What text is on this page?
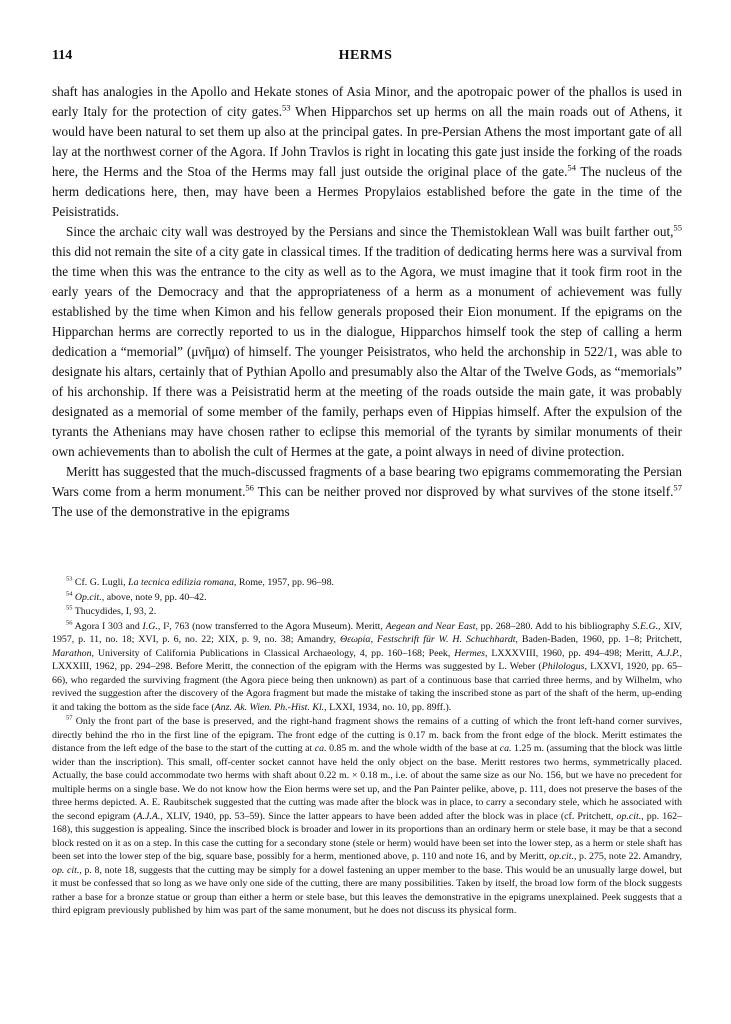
114	HERMS

shaft has analogies in the Apollo and Hekate stones of Asia Minor, and the apotropaic power of the phallos is used in early Italy for the protection of city gates.$^{53}$ When Hipparchos set up herms on all the main roads out of Athens, it would have been natural to set them up also at the principal gates. In pre-Persian Athens the most important gate of all lay at the northwest corner of the Agora. If John Travlos is right in locating this gate just inside the forking of the roads here, the Herms and the Stoa of the Herms may fall just outside the original place of the gate.$^{54}$ The nucleus of the herm dedications here, then, may have been a Hermes Propylaios established before the gate in the time of the Peisistratids.

Since the archaic city wall was destroyed by the Persians and since the Themistoklean Wall was built farther out,$^{55}$ this did not remain the site of a city gate in classical times. If the tradition of dedicating herms here was a survival from the time when this was the entrance to the city as well as to the Agora, we must imagine that it took firm root in the early years of the Democracy and that the appropriateness of a herm as a monument of achievement was fully established by the time when Kimon and his fellow generals proposed their Eion monument. If the epigrams on the Hipparchan herms are correctly reported to us in the dialogue, Hipparchos himself took the step of calling a herm dedication a “memorial” (μνῆμα) of himself. The younger Peisistratos, who held the archonship in 522/1, was able to designate his altars, certainly that of Pythian Apollo and presumably also the Altar of the Twelve Gods, as “memorials” of his archonship. If there was a Peisistratid herm at the meeting of the roads outside the main gate, it was probably designated as a memorial of some member of the family, perhaps even of Hippias himself. After the expulsion of the tyrants the Athenians may have chosen rather to eclipse this memorial of the tyrants by similar monuments of their own achievements than to abolish the cult of Hermes at the gate, a point always in need of divine protection.

Meritt has suggested that the much-discussed fragments of a base bearing two epigrams commemorating the Persian Wars come from a herm monument.$^{56}$ This can be neither proved nor disproved by what survives of the stone itself.$^{57}$ The use of the demonstrative in the epigrams

$^{53}$ Cf. G. Lugli, La tecnica edilizia romana, Rome, 1957, pp. 96–98.

$^{54}$ Op.cit., above, note 9, pp. 40–42.

$^{55}$ Thucydides, I, 93, 2.

$^{56}$ Agora I 303 and I.G., I², 763 (now transferred to the Agora Museum). Meritt, Aegean and Near East, pp. 268–280. Add to his bibliography S.E.G., XIV, 1957, p. 11, no. 18; XVI, p. 6, no. 22; XIX, p. 9, no. 38; Amandry, Θεωρία, Festschrift für W. H. Schuchhardt, Baden-Baden, 1960, pp. 1–8; Pritchett, Marathon, University of California Publications in Classical Archaeology, 4, pp. 160–168; Peek, Hermes, LXXXVIII, 1960, pp. 494–498; Meritt, A.J.P., LXXXIII, 1962, pp. 294–298. Before Meritt, the connection of the epigram with the Herms was suggested by L. Weber (Philologus, LXXVI, 1920, pp. 65–66), who regarded the surviving fragment (the Agora piece being then unknown) as part of a continuous base that carried three herms, and by Wilhelm, who revived the suggestion after the discovery of the Agora fragment but made the mistake of taking the inscribed stone as part of the shaft of the herm, up-ending it and taking the bottom as the side face (Anz. Ak. Wien. Ph.-Hist. Kl., LXXI, 1934, no. 10, pp. 89ff.).

$^{57}$ Only the front part of the base is preserved, and the right-hand fragment shows the remains of a cutting of which the front left-hand corner survives, directly behind the rho in the first line of the epigram. The front edge of the cutting is 0.17 m. back from the front edge of the block. Meritt estimates the distance from the left edge of the base to the start of the cutting at ca. 0.85 m. and the whole width of the base at ca. 1.25 m. (assuming that the block was little wider than the inscription). This small, off-center socket cannot have held the only object on the base. Meritt restores two herms, symmetrically placed. Actually, the base could accommodate two herms with shaft about 0.22 m. × 0.18 m., i.e. of about the same size as our No. 156, but we have no precedent for multiple herms on a single base. We do not know how the Eion herms were set up, and the Pan Painter pelike, above, p. 111, does not preserve the bases of the three herms depicted. A. E. Raubitschek suggested that the cutting was made after the block was in place, to carry a secondary stele, which he associated with the second epigram (A.J.A., XLIV, 1940, pp. 53–59). Since the latter appears to have been added after the block was in place (cf. Pritchett, op.cit., pp. 162–168), this suggestion is appealing. Since the inscribed block is broader and lower in its proportions than an ordinary herm or stele base, it may be that a second block rested on it as on a step. In this case the cutting for a secondary stone (stele or herm) would have been set into the lower step, as a herm or stele shaft has been set into the lower step of the big, square base, possibly for a herm, mentioned above, p. 110 and note 16, and by Meritt, op.cit., p. 275, note 22. Amandry, op. cit., p. 8, note 18, suggests that the cutting may be simply for a dowel fastening an upper member to the base. This would be an unusually large dowel, but it must be confessed that so long as we have only one side of the cutting, there are many possibilities. Taken by itself, the broad low form of the block suggests rather a base for a bronze statue or group than either a herm or stele base, but this leaves the demonstrative in the epigrams unexplained. Peek suggests that a third epigram previously published by him was part of the same monument, but he does not discuss its physical form.
